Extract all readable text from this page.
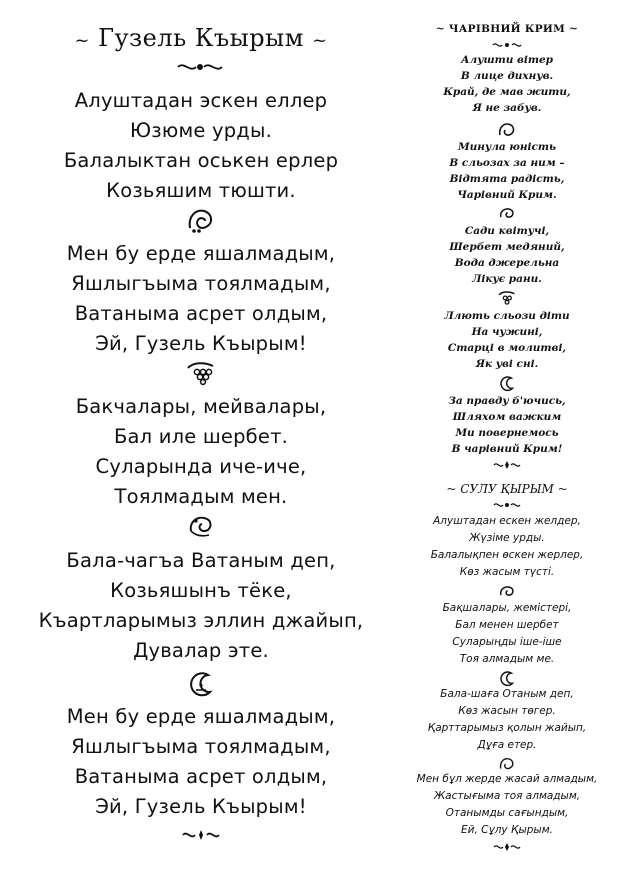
~ Гузель Къырым ~
Алуштадан эскен еллер
Юзюме урды.
Балалыктан оськен ерлер
Козьяшим тюшти.
Мен бу ерде яшалмадым,
Яшлыгъыма тоялмадым,
Ватаныма асрет олдым,
Эй, Гузель Къырым!
Бакчалары, мейвалары,
Бал иле шербет.
Суларында иче-иче,
Тоялмадым мен.
Бала-чагъа Ватаным деп,
Козьяшынъ тёке,
Къартларымыз эллин джайып,
Дувалар эте.
Мен бу ерде яшалмадым,
Яшлыгъыма тоялмадым,
Ватаныма асрет олдым,
Эй, Гузель Къырым!
~ ЧАРІВНИЙ КРИМ ~
Алушти вітер
В лице дихнув.
Край, де мав жити,
Я не забув.
Минула юність
В сльозах за ним –
Відтята радість,
Чарівний Крим.
Сади квітучі,
Шербет медяний,
Вода джерельна
Лікує рани.
Ллють сльози діти
На чужині,
Старці в молитві,
Як уві сні.
За правду б'ючись,
Шляхом важким
Ми повернемось
В чарівний Крим!
~ СУЛУ ҚЫРЫМ ~
Алуштадан ескен желдер,
Жүзіме урды.
Балалықпен өскен жерлер,
Көз жасым түсті.
Бақшалары, жемістері,
Бал менен шербет
Суларыңды іше-іше
Тоя алмадым ме.
Бала-шаға Отаным деп,
Көз жасын төгер.
Қарттарымыз қолын жайып,
Дұға етер.
Мен бұл жерде жасай алмадым,
Жастығыма тоя алмадым,
Отанымды сағындым,
Ей, Сұлу Қырым.
